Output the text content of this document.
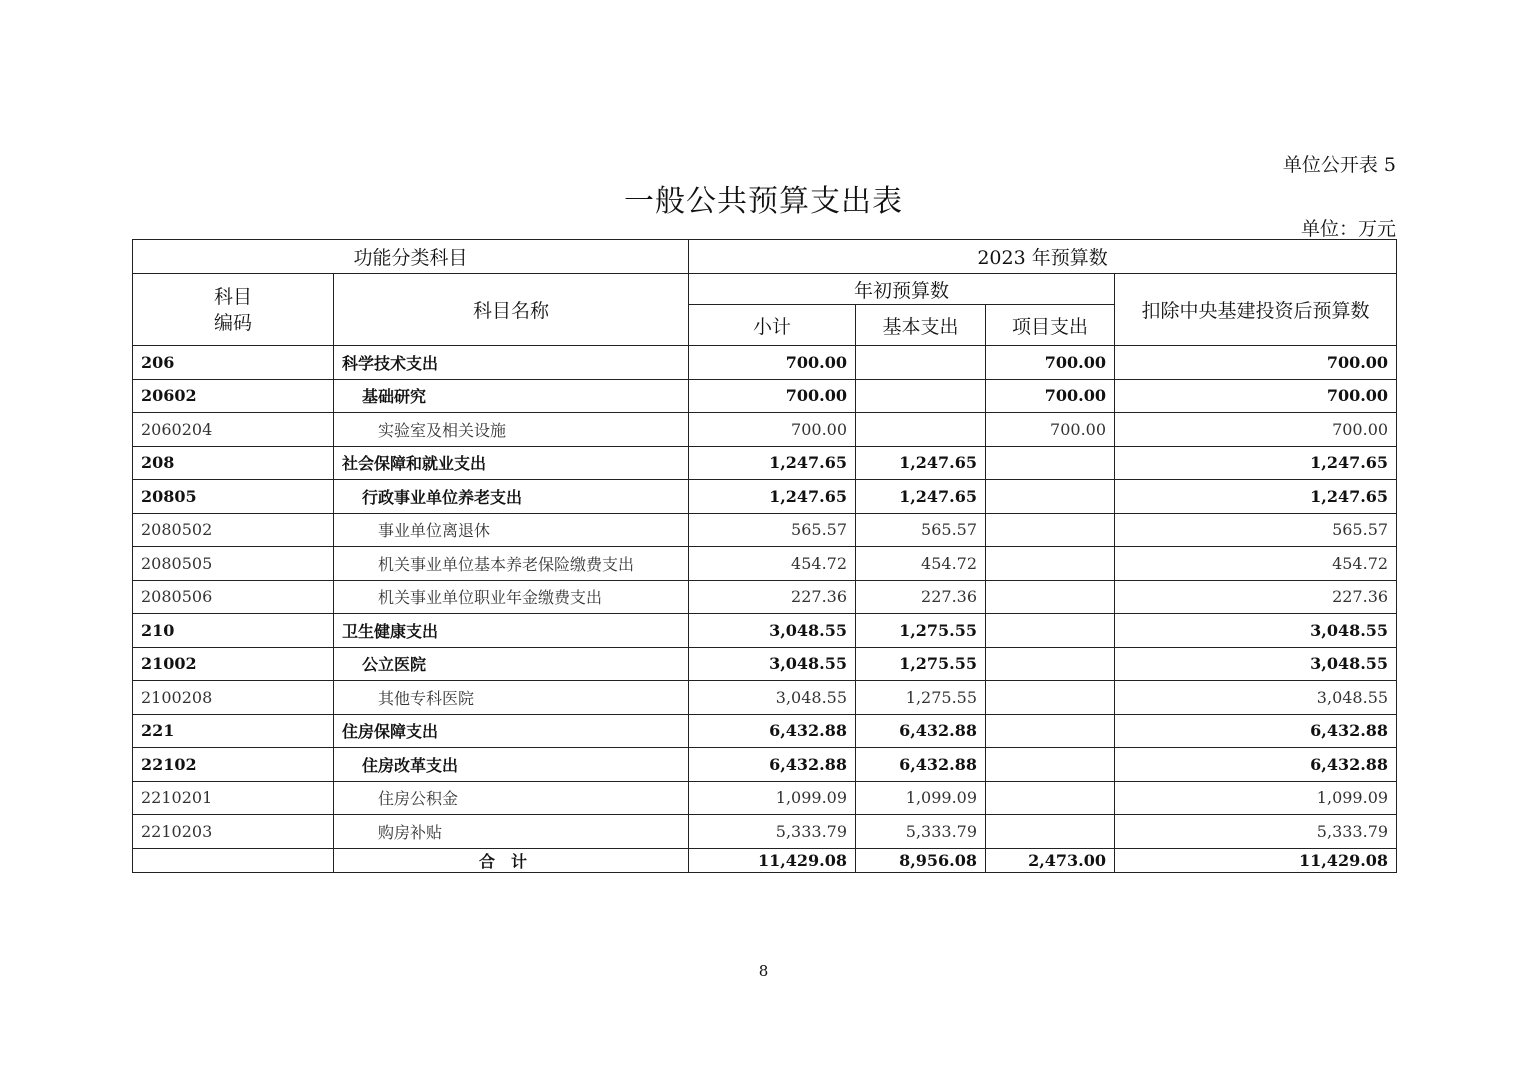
单位公开表 5
一般公共预算支出表
单位：万元
功能分类科目		2023 年预算数			
科目
编码	科目名称	年初预算数			扣除中央基建投资后预算数
		小计	基本支出	项目支出	
206	科学技术支出	700.00		700.00	700.00
20602	基础研究	700.00		700.00	700.00
2060204	实验室及相关设施	700.00		700.00	700.00
208	社会保障和就业支出	1,247.65	1,247.65		1,247.65
20805	行政事业单位养老支出	1,247.65	1,247.65		1,247.65
2080502	事业单位离退休	565.57	565.57		565.57
2080505	机关事业单位基本养老保险缴费支出	454.72	454.72		454.72
2080506	机关事业单位职业年金缴费支出	227.36	227.36		227.36
210	卫生健康支出	3,048.55	1,275.55		3,048.55
21002	公立医院	3,048.55	1,275.55		3,048.55
2100208	其他专科医院	3,048.55	1,275.55		3,048.55
221	住房保障支出	6,432.88	6,432.88		6,432.88
22102	住房改革支出	6,432.88	6,432.88		6,432.88
2210201	住房公积金	1,099.09	1,099.09		1,099.09
2210203	购房补贴	5,333.79	5,333.79		5,333.79
	合计	11,429.08	8,956.08	2,473.00	11,429.08
8
